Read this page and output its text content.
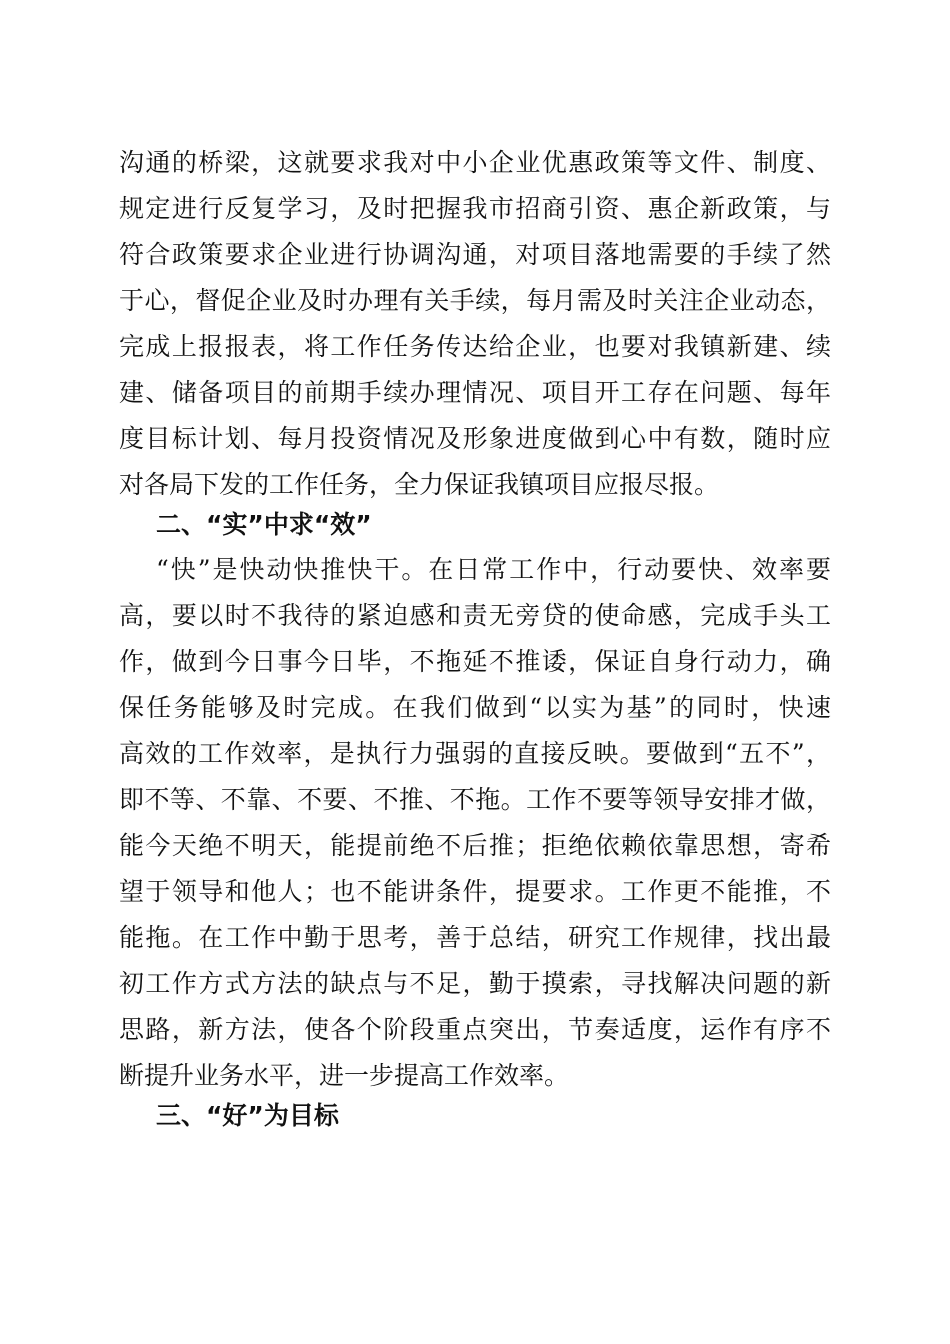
沟通的桥梁，这就要求我对中小企业优惠政策等文件、制度、
规定进行反复学习，及时把握我市招商引资、惠企新政策，与
符合政策要求企业进行协调沟通，对项目落地需要的手续了然
于心，督促企业及时办理有关手续，每月需及时关注企业动态，
完成上报报表，将工作任务传达给企业，也要对我镇新建、续
建、储备项目的前期手续办理情况、项目开工存在问题、每年
度目标计划、每月投资情况及形象进度做到心中有数，随时应
对各局下发的工作任务，全力保证我镇项目应报尽报。
二、“实”中求“效”
“快”是快动快推快干。在日常工作中，行动要快、效率要
高，要以时不我待的紧迫感和责无旁贷的使命感，完成手头工
作，做到今日事今日毕，不拖延不推诿，保证自身行动力，确
保任务能够及时完成。在我们做到“以实为基”的同时，快速
高效的工作效率，是执行力强弱的直接反映。要做到“五不”，
即不等、不靠、不要、不推、不拖。工作不要等领导安排才做，
能今天绝不明天，能提前绝不后推；拒绝依赖依靠思想，寄希
望于领导和他人；也不能讲条件，提要求。工作更不能推，不
能拖。在工作中勤于思考，善于总结，研究工作规律，找出最
初工作方式方法的缺点与不足，勤于摸索，寻找解决问题的新
思路，新方法，使各个阶段重点突出，节奏适度，运作有序不
断提升业务水平，进一步提高工作效率。
三、“好”为目标
